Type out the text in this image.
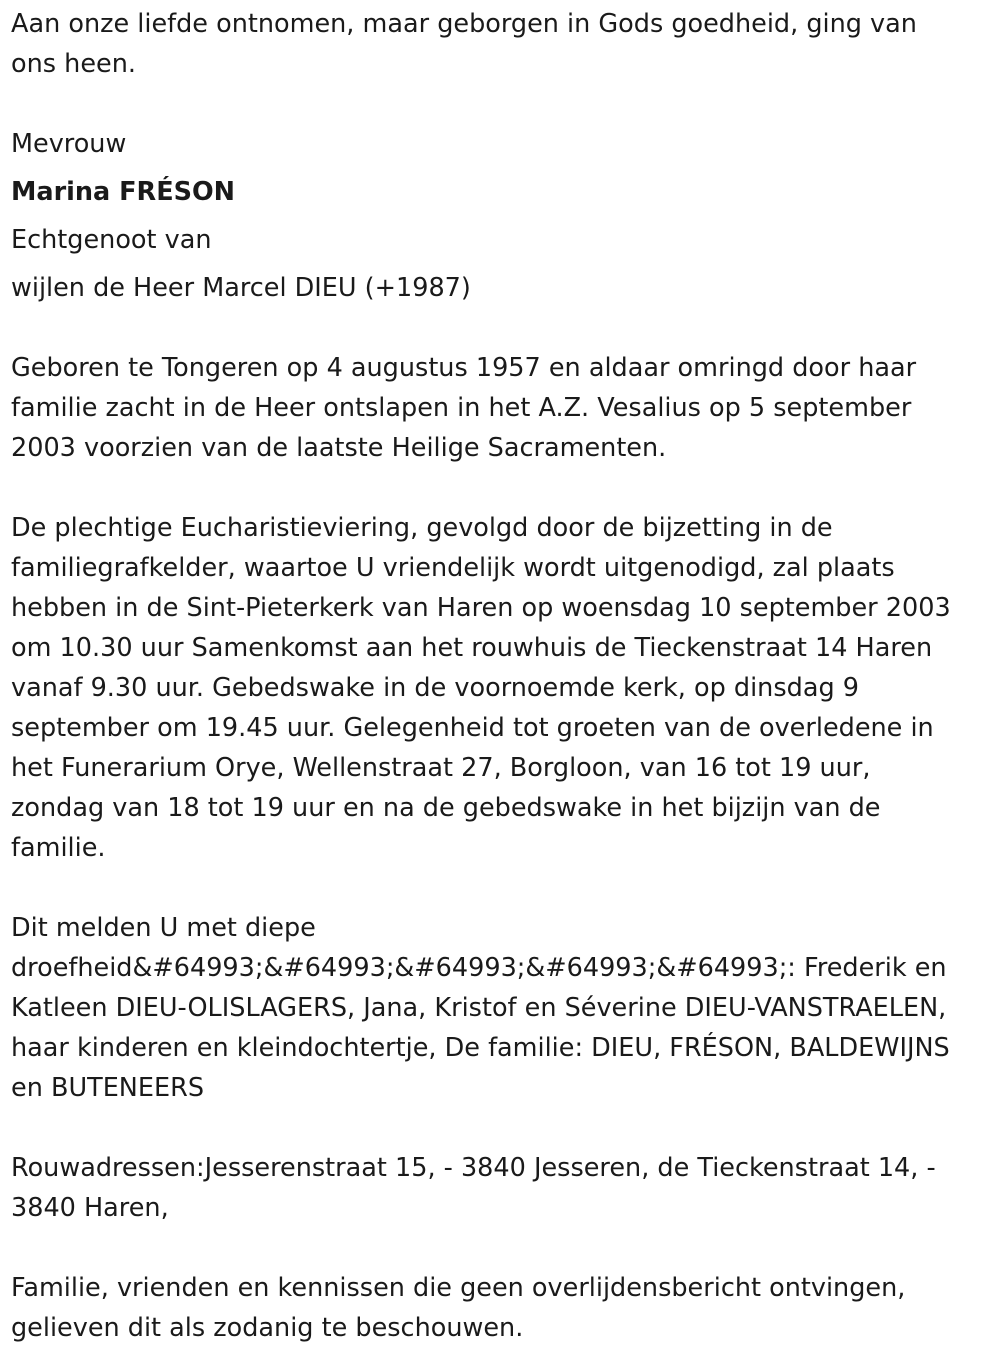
Aan onze liefde ontnomen, maar geborgen in Gods goedheid, ging van
ons heen.

Mevrouw
Marina FRÉSON
Echtgenoot van
wijlen de Heer Marcel DIEU (+1987)

Geboren te Tongeren op 4 augustus 1957 en aldaar omringd door haar
familie zacht in de Heer ontslapen in het A.Z. Vesalius op 5 september
2003 voorzien van de laatste Heilige Sacramenten.

De plechtige Eucharistieviering, gevolgd door de bijzetting in de
familiegrafkelder, waartoe U vriendelijk wordt uitgenodigd, zal plaats
hebben in de Sint-Pieterkerk van Haren op woensdag 10 september 2003
om 10.30 uur Samenkomst aan het rouwhuis de Tieckenstraat 14 Haren
vanaf 9.30 uur. Gebedswake in de voornoemde kerk, op dinsdag 9
september om 19.45 uur. Gelegenheid tot groeten van de overledene in
het Funerarium Orye, Wellenstraat 27, Borgloon, van 16 tot 19 uur,
zondag van 18 tot 19 uur en na de gebedswake in het bijzijn van de
familie.

Dit melden U met diepe
droefheid&#64993;&#64993;&#64993;&#64993;&#64993;: Frederik en
Katleen DIEU-OLISLAGERS, Jana, Kristof en Séverine DIEU-VANSTRAELEN,
haar kinderen en kleindochtertje, De familie: DIEU, FRÉSON, BALDEWIJNS
en BUTENEERS

Rouwadressen:Jesserenstraat 15, - 3840 Jesseren, de Tieckenstraat 14, -
3840 Haren,

Familie, vrienden en kennissen die geen overlijdensbericht ontvingen,
gelieven dit als zodanig te beschouwen.
